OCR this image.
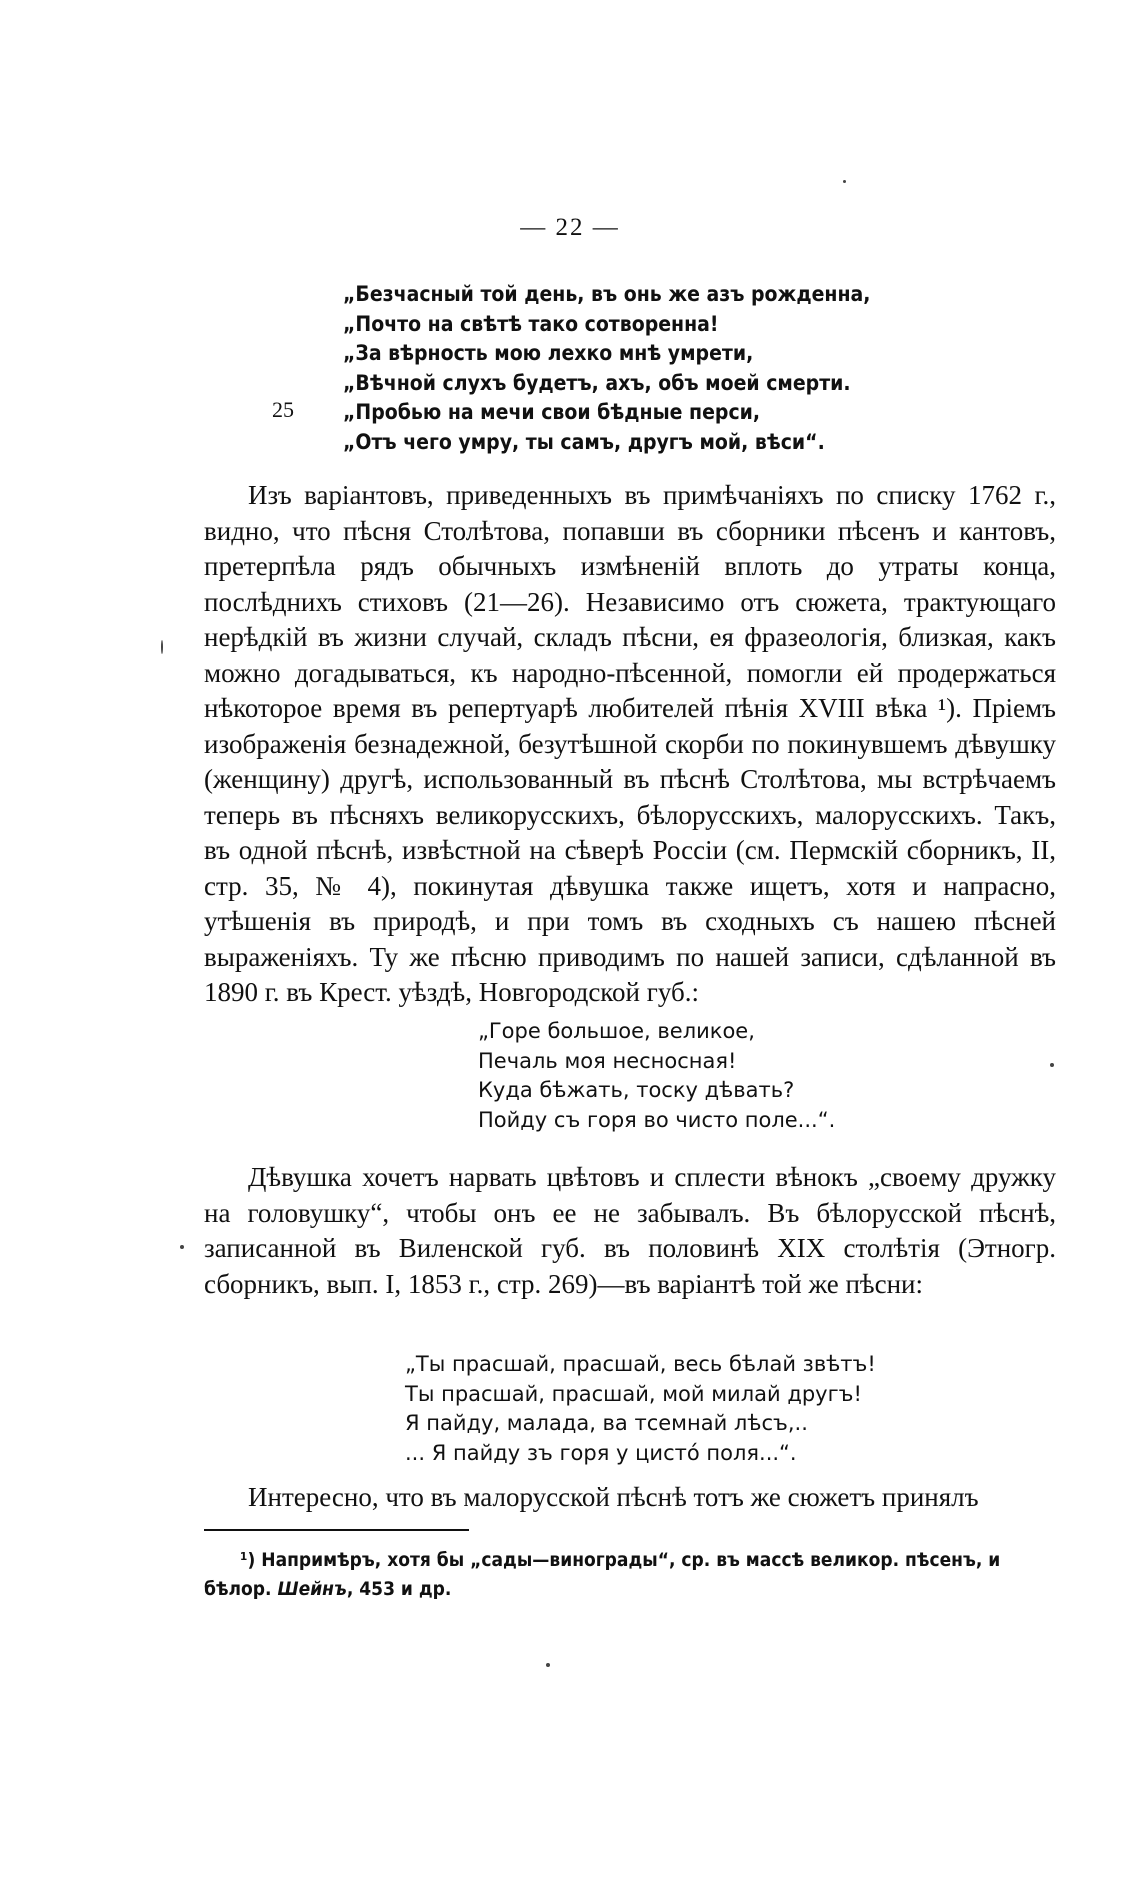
— 22 —
„Безчасный той день, въ онь же азъ рожденна,
„Почто на свѣтѣ тако сотворенна!
„За вѣрность мою лехко мнѣ умрети,
„Вѣчной слухъ будетъ, ахъ, объ моей смерти.
„Пробью на мечи свои бѣдные перси,
„Отъ чего умру, ты самъ, другъ мой, вѣси“.
25
Изъ варіантовъ, приведенныхъ въ примѣчаніяхъ по списку 1762 г., видно, что пѣсня Столѣтова, попавши въ сборники пѣсенъ и кантовъ, претерпѣла рядъ обычныхъ измѣненій вплоть до утраты конца, послѣднихъ стиховъ (21—26). Независимо отъ сюжета, трактующаго нерѣдкій въ жизни случай, складъ пѣсни, ея фразеологія, близкая, какъ можно догадываться, къ народно-пѣсенной, помогли ей продержаться нѣкоторое время въ репертуарѣ любителей пѣнія XVIII вѣка ¹). Пріемъ изображенія безнадежной, безутѣшной скорби по покинувшемъ дѣвушку (женщину) другѣ, использованный въ пѣснѣ Столѣтова, мы встрѣчаемъ теперь въ пѣсняхъ великорусскихъ, бѣлорусскихъ, малорусскихъ. Такъ, въ одной пѣснѣ, извѣстной на сѣверѣ Россіи (см. Пермскій сборникъ, II, стр. 35, № 4), покинутая дѣвушка также ищетъ, хотя и напрасно, утѣшенія въ природѣ, и при томъ въ сходныхъ съ нашею пѣсней выраженіяхъ. Ту же пѣсню приводимъ по нашей записи, сдѣланной въ 1890 г. въ Крест. уѣздѣ, Новгородской губ.:
„Горе большое, великое,
Печаль моя несносная!
Куда бѣжать, тоску дѣвать?
Пойду съ горя во чисто поле...“.
Дѣвушка хочетъ нарвать цвѣтовъ и сплести вѣнокъ „своему дружку на головушку“, чтобы онъ ее не забывалъ. Въ бѣлорусской пѣснѣ, записанной въ Виленской губ. въ половинѣ XIX столѣтія (Этногр. сборникъ, вып. I, 1853 г., стр. 269)—въ варіантѣ той же пѣсни:
„Ты прасшай, прасшай, весь бѣлай звѣтъ!
Ты прасшай, прасшай, мой милай другъ!
Я пайду, малада, ва тсемнай лѣсъ,..
... Я пайду зъ горя у цистó поля...“.
Интересно, что въ малорусской пѣснѣ тотъ же сюжетъ принялъ
¹) Напримѣръ, хотя бы „сады—винограды“, ср. въ массѣ великор. пѣсенъ, и бѣлор. Шейнъ, 453 и др.
